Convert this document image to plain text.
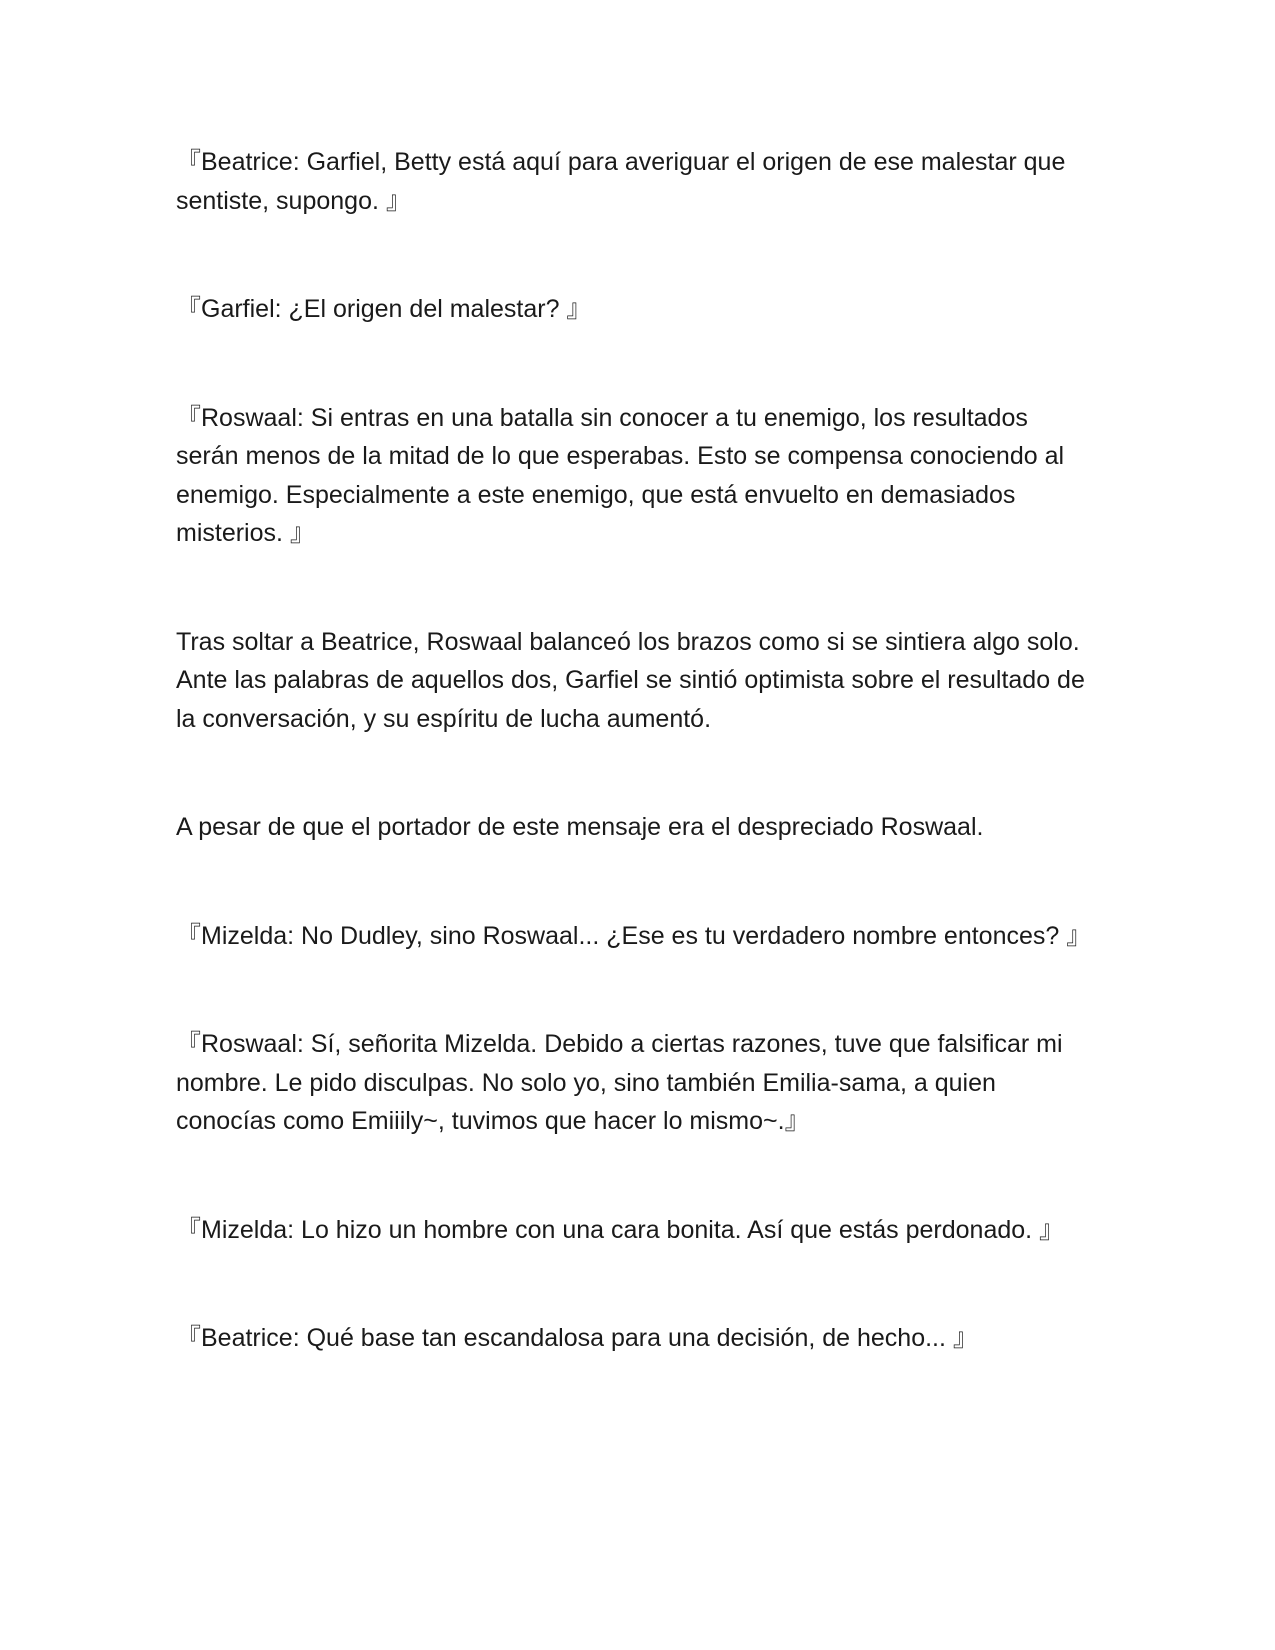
『Beatrice: Garfiel, Betty está aquí para averiguar el origen de ese malestar que sentiste, supongo. 』

『Garfiel: ¿El origen del malestar? 』

『Roswaal: Si entras en una batalla sin conocer a tu enemigo, los resultados serán menos de la mitad de lo que esperabas. Esto se compensa conociendo al enemigo. Especialmente a este enemigo, que está envuelto en demasiados misterios. 』

Tras soltar a Beatrice, Roswaal balanceó los brazos como si se sintiera algo solo. Ante las palabras de aquellos dos, Garfiel se sintió optimista sobre el resultado de la conversación, y su espíritu de lucha aumentó.

A pesar de que el portador de este mensaje era el despreciado Roswaal.

『Mizelda: No Dudley, sino Roswaal... ¿Ese es tu verdadero nombre entonces? 』

『Roswaal: Sí, señorita Mizelda. Debido a ciertas razones, tuve que falsificar mi nombre. Le pido disculpas. No solo yo, sino también Emilia-sama, a quien conocías como Emiiily~, tuvimos que hacer lo mismo~.』

『Mizelda: Lo hizo un hombre con una cara bonita. Así que estás perdonado. 』

『Beatrice: Qué base tan escandalosa para una decisión, de hecho... 』
